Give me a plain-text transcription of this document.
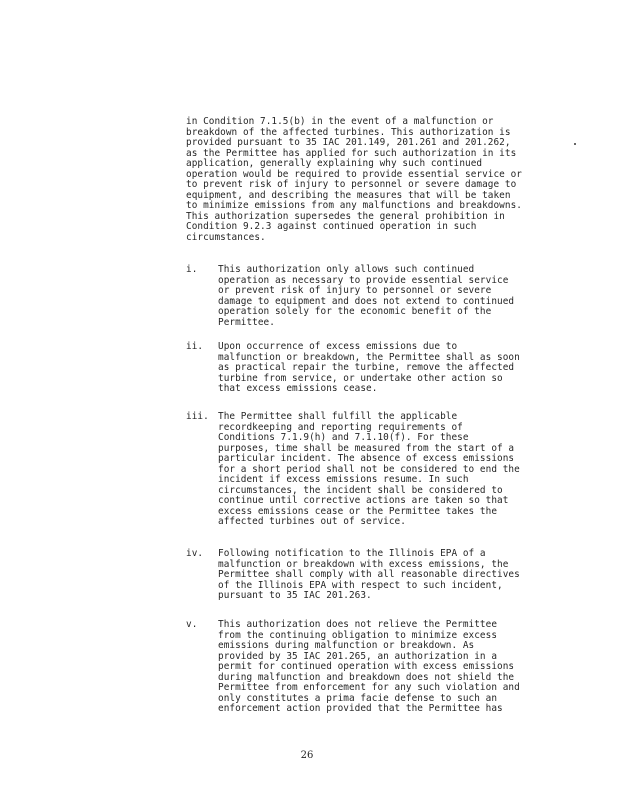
in Condition 7.1.5(b) in the event of a malfunction or
breakdown of the affected turbines. This authorization is
provided pursuant to 35 IAC 201.149, 201.261 and 201.262,
as the Permittee has applied for such authorization in its
application, generally explaining why such continued
operation would be required to provide essential service or
to prevent risk of injury to personnel or severe damage to
equipment, and describing the measures that will be taken
to minimize emissions from any malfunctions and breakdowns.
This authorization supersedes the general prohibition in
Condition 9.2.3 against continued operation in such
circumstances.
i.	This authorization only allows such continued
operation as necessary to provide essential service
or prevent risk of injury to personnel or severe
damage to equipment and does not extend to continued
operation solely for the economic benefit of the
Permittee.
ii.	Upon occurrence of excess emissions due to
malfunction or breakdown, the Permittee shall as soon
as practical repair the turbine, remove the affected
turbine from service, or undertake other action so
that excess emissions cease.
iii. The Permittee shall fulfill the applicable
recordkeeping and reporting requirements of
Conditions 7.1.9(h) and 7.1.10(f). For these
purposes, time shall be measured from the start of a
particular incident. The absence of excess emissions
for a short period shall not be considered to end the
incident if excess emissions resume. In such
circumstances, the incident shall be considered to
continue until corrective actions are taken so that
excess emissions cease or the Permittee takes the
affected turbines out of service.
iv.	Following notification to the Illinois EPA of a
malfunction or breakdown with excess emissions, the
Permittee shall comply with all reasonable directives
of the Illinois EPA with respect to such incident,
pursuant to 35 IAC 201.263.
v.	This authorization does not relieve the Permittee
from the continuing obligation to minimize excess
emissions during malfunction or breakdown. As
provided by 35 IAC 201.265, an authorization in a
permit for continued operation with excess emissions
during malfunction and breakdown does not shield the
Permittee from enforcement for any such violation and
only constitutes a prima facie defense to such an
enforcement action provided that the Permittee has
26
